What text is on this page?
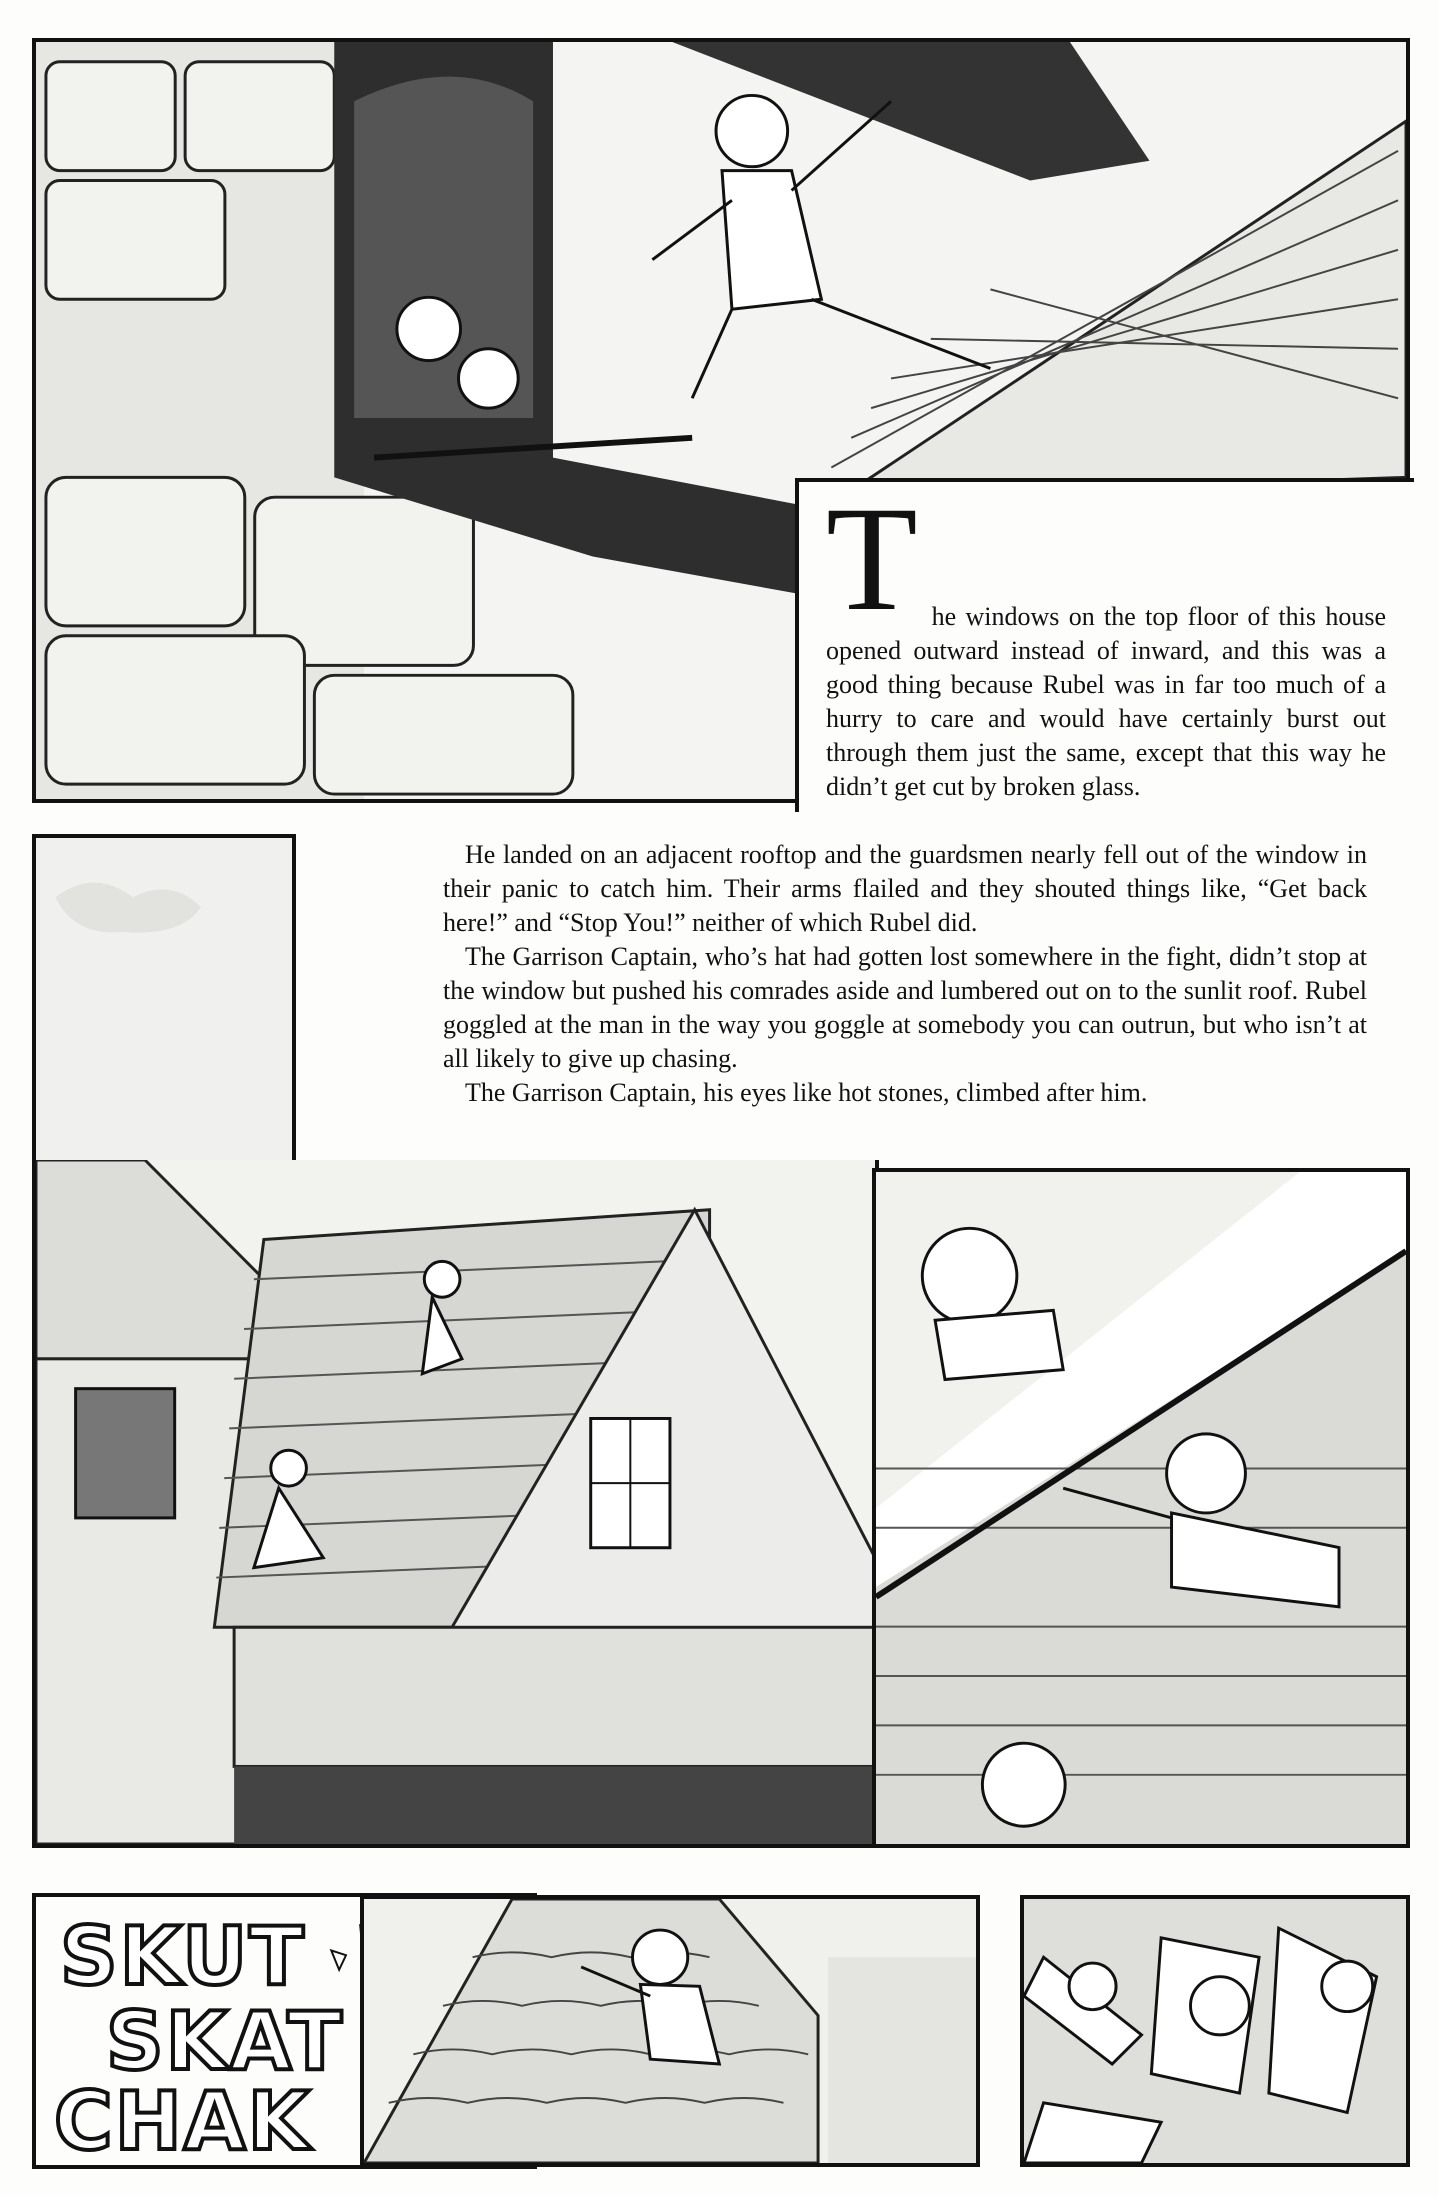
T he windows on the top floor of this house opened outward instead of inward, and this was a good thing because Rubel was in far too much of a hurry to care and would have certainly burst out through them just the same, except that this way he didn’t get cut by broken glass.

He landed on an adjacent rooftop and the guardsmen nearly fell out of the window in their panic to catch him. Their arms flailed and they shouted things like, “Get back here!” and “Stop You!” neither of which Rubel did.

The Garrison Captain, who’s hat had gotten lost somewhere in the fight, didn’t stop at the window but pushed his comrades aside and lumbered out on to the sunlit roof. Rubel goggled at the man in the way you goggle at somebody you can outrun, but who isn’t at all likely to give up chasing.

The Garrison Captain, his eyes like hot stones, climbed after him.

SKUT
SKAT
CHAK
